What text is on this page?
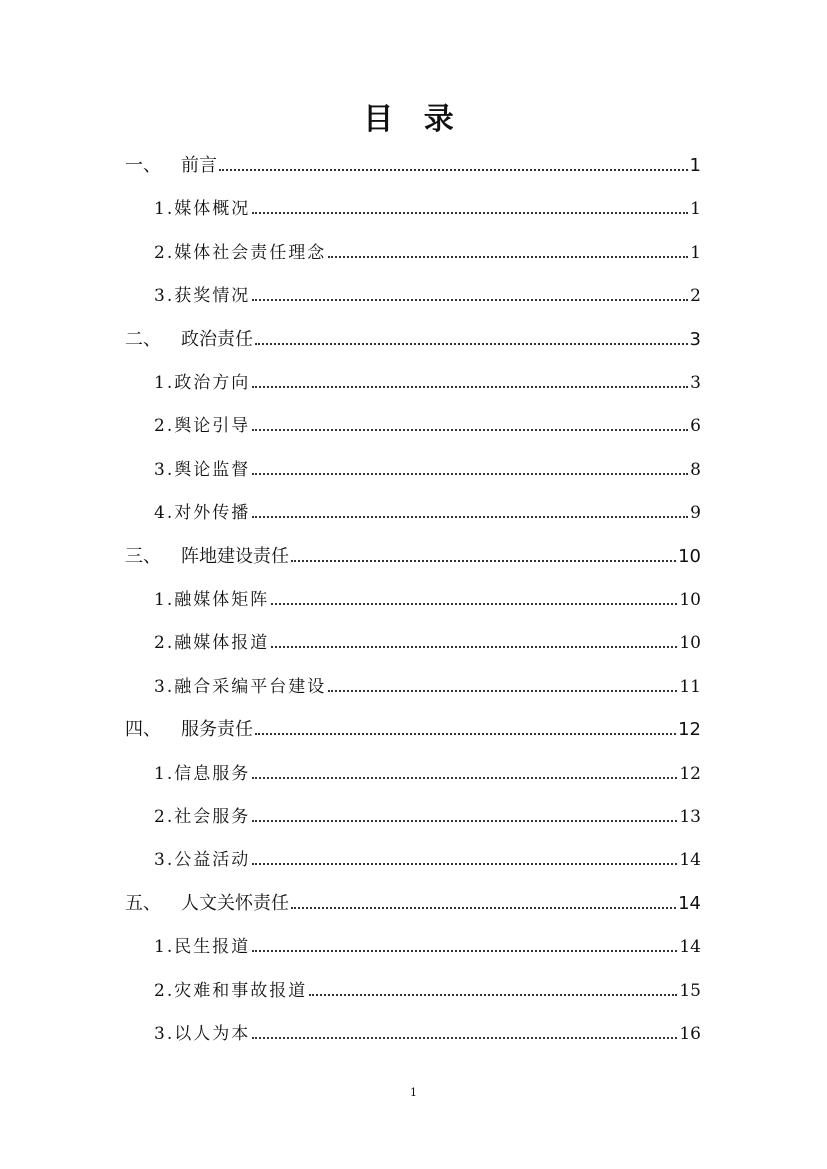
目 录
一、	前言	1
1. 媒体概况	1
2. 媒体社会责任理念	1
3. 获奖情况	2
二、	政治责任	3
1. 政治方向	3
2. 舆论引导	6
3. 舆论监督	8
4. 对外传播	9
三、	阵地建设责任	10
1. 融媒体矩阵	10
2. 融媒体报道	10
3. 融合采编平台建设	11
四、	服务责任	12
1. 信息服务	12
2. 社会服务	13
3. 公益活动	14
五、	人文关怀责任	14
1. 民生报道	14
2. 灾难和事故报道	15
3. 以人为本	16
1
